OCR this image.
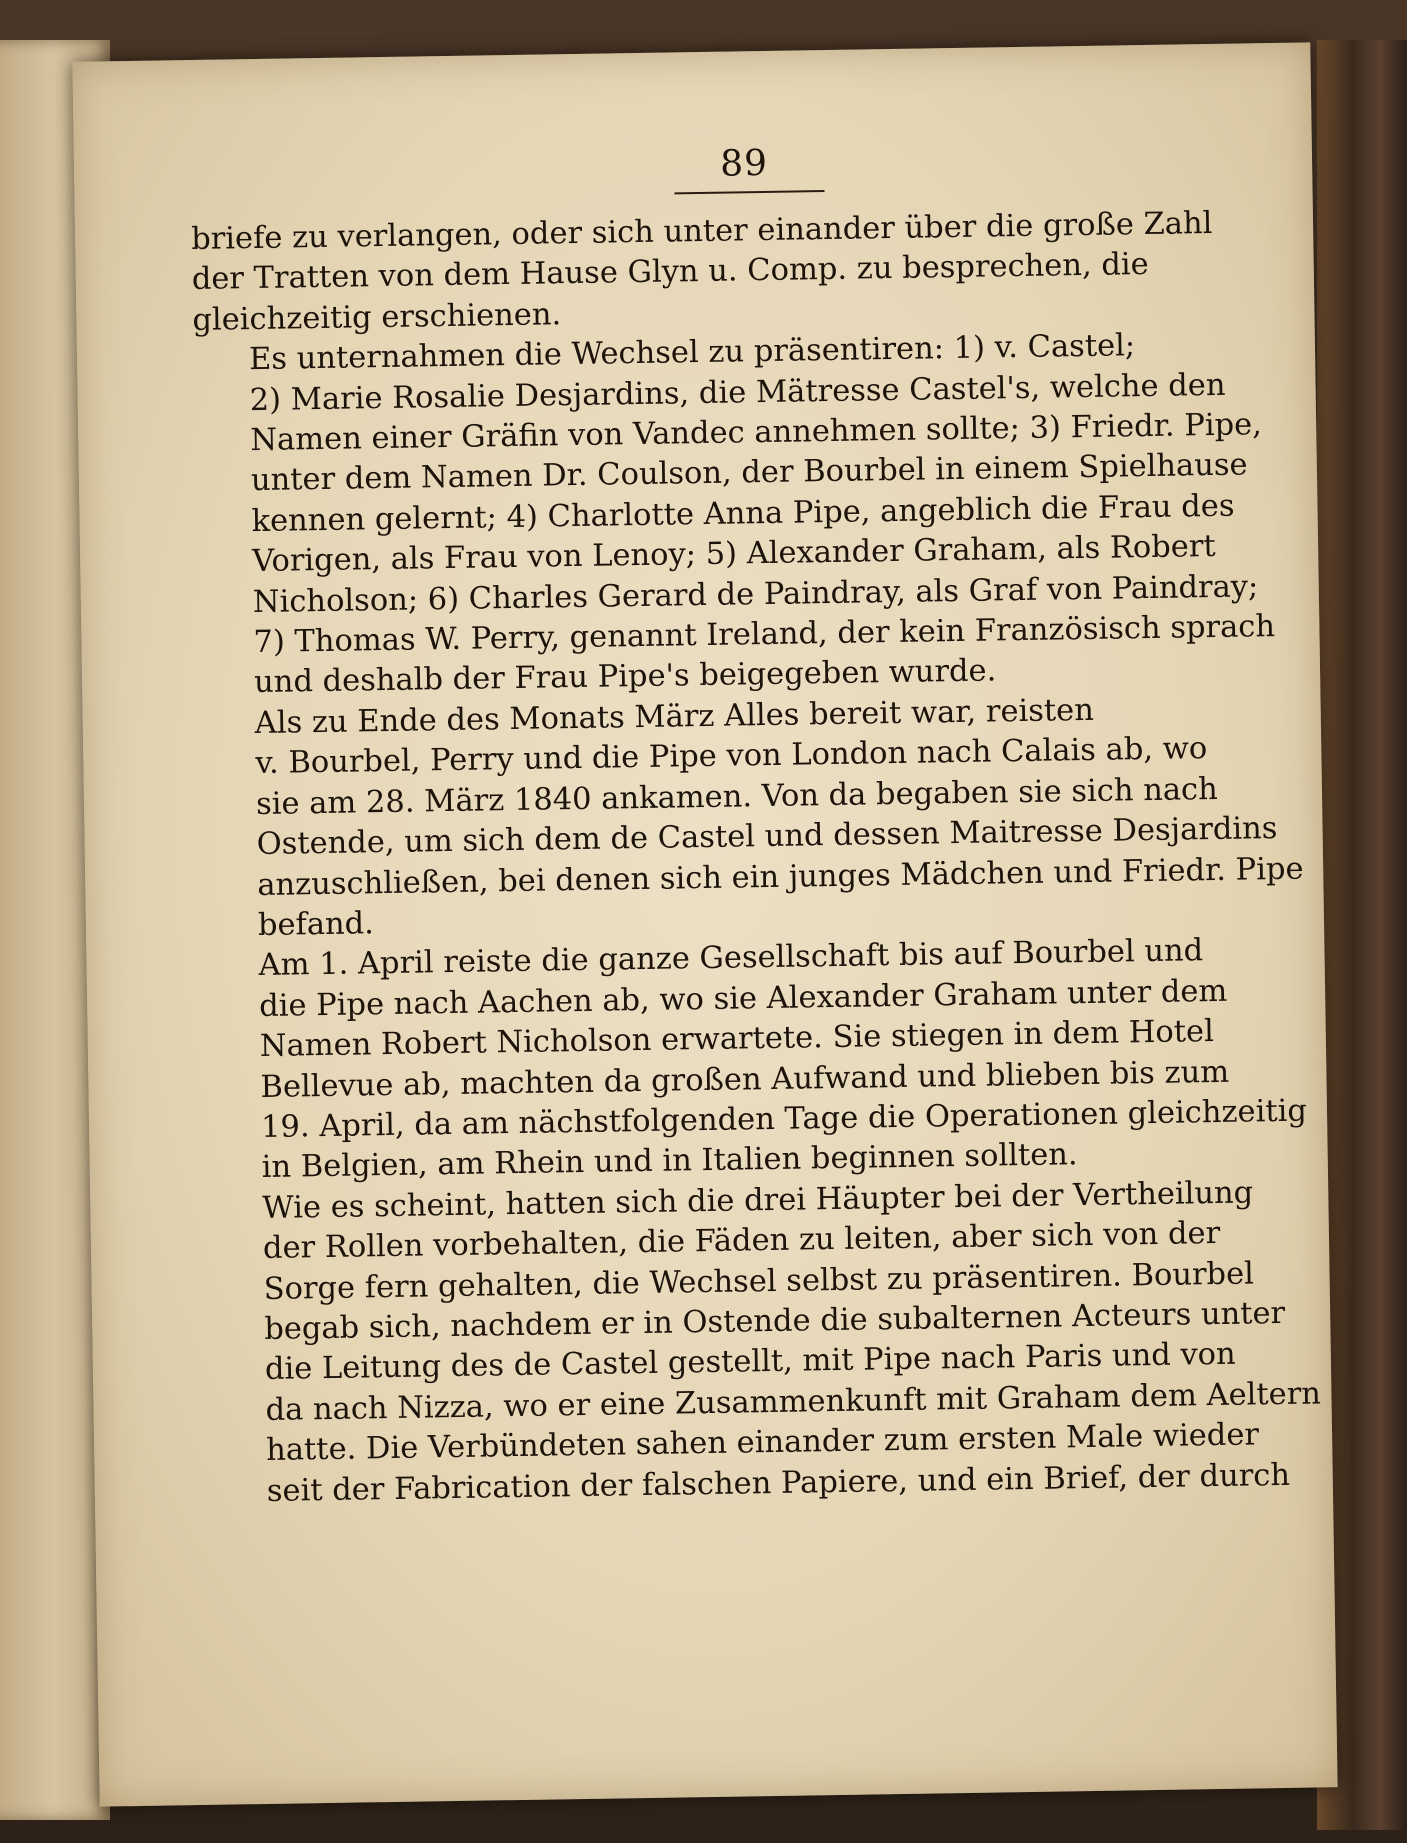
89
briefe zu verlangen, oder sich unter einander über die große Zahl
der Tratten von dem Hause Glyn u. Comp. zu besprechen, die
gleichzeitig erschienen.
Es unternahmen die Wechsel zu präsentiren: 1) v. Castel;
2) Marie Rosalie Desjardins, die Mätresse Castel's, welche den
Namen einer Gräfin von Vandec annehmen sollte; 3) Friedr. Pipe,
unter dem Namen Dr. Coulson, der Bourbel in einem Spielhause
kennen gelernt; 4) Charlotte Anna Pipe, angeblich die Frau des
Vorigen, als Frau von Lenoy; 5) Alexander Graham, als Robert
Nicholson; 6) Charles Gerard de Paindray, als Graf von Paindray;
7) Thomas W. Perry, genannt Ireland, der kein Französisch sprach
und deshalb der Frau Pipe's beigegeben wurde.
Als zu Ende des Monats März Alles bereit war, reisten
v. Bourbel, Perry und die Pipe von London nach Calais ab, wo
sie am 28. März 1840 ankamen. Von da begaben sie sich nach
Ostende, um sich dem de Castel und dessen Maitresse Desjardins
anzuschließen, bei denen sich ein junges Mädchen und Friedr. Pipe
befand.
Am 1. April reiste die ganze Gesellschaft bis auf Bourbel und
die Pipe nach Aachen ab, wo sie Alexander Graham unter dem
Namen Robert Nicholson erwartete. Sie stiegen in dem Hotel
Bellevue ab, machten da großen Aufwand und blieben bis zum
19. April, da am nächstfolgenden Tage die Operationen gleichzeitig
in Belgien, am Rhein und in Italien beginnen sollten.
Wie es scheint, hatten sich die drei Häupter bei der Vertheilung
der Rollen vorbehalten, die Fäden zu leiten, aber sich von der
Sorge fern gehalten, die Wechsel selbst zu präsentiren. Bourbel
begab sich, nachdem er in Ostende die subalternen Acteurs unter
die Leitung des de Castel gestellt, mit Pipe nach Paris und von
da nach Nizza, wo er eine Zusammenkunft mit Graham dem Aeltern
hatte. Die Verbündeten sahen einander zum ersten Male wieder
seit der Fabrication der falschen Papiere, und ein Brief, der durch
